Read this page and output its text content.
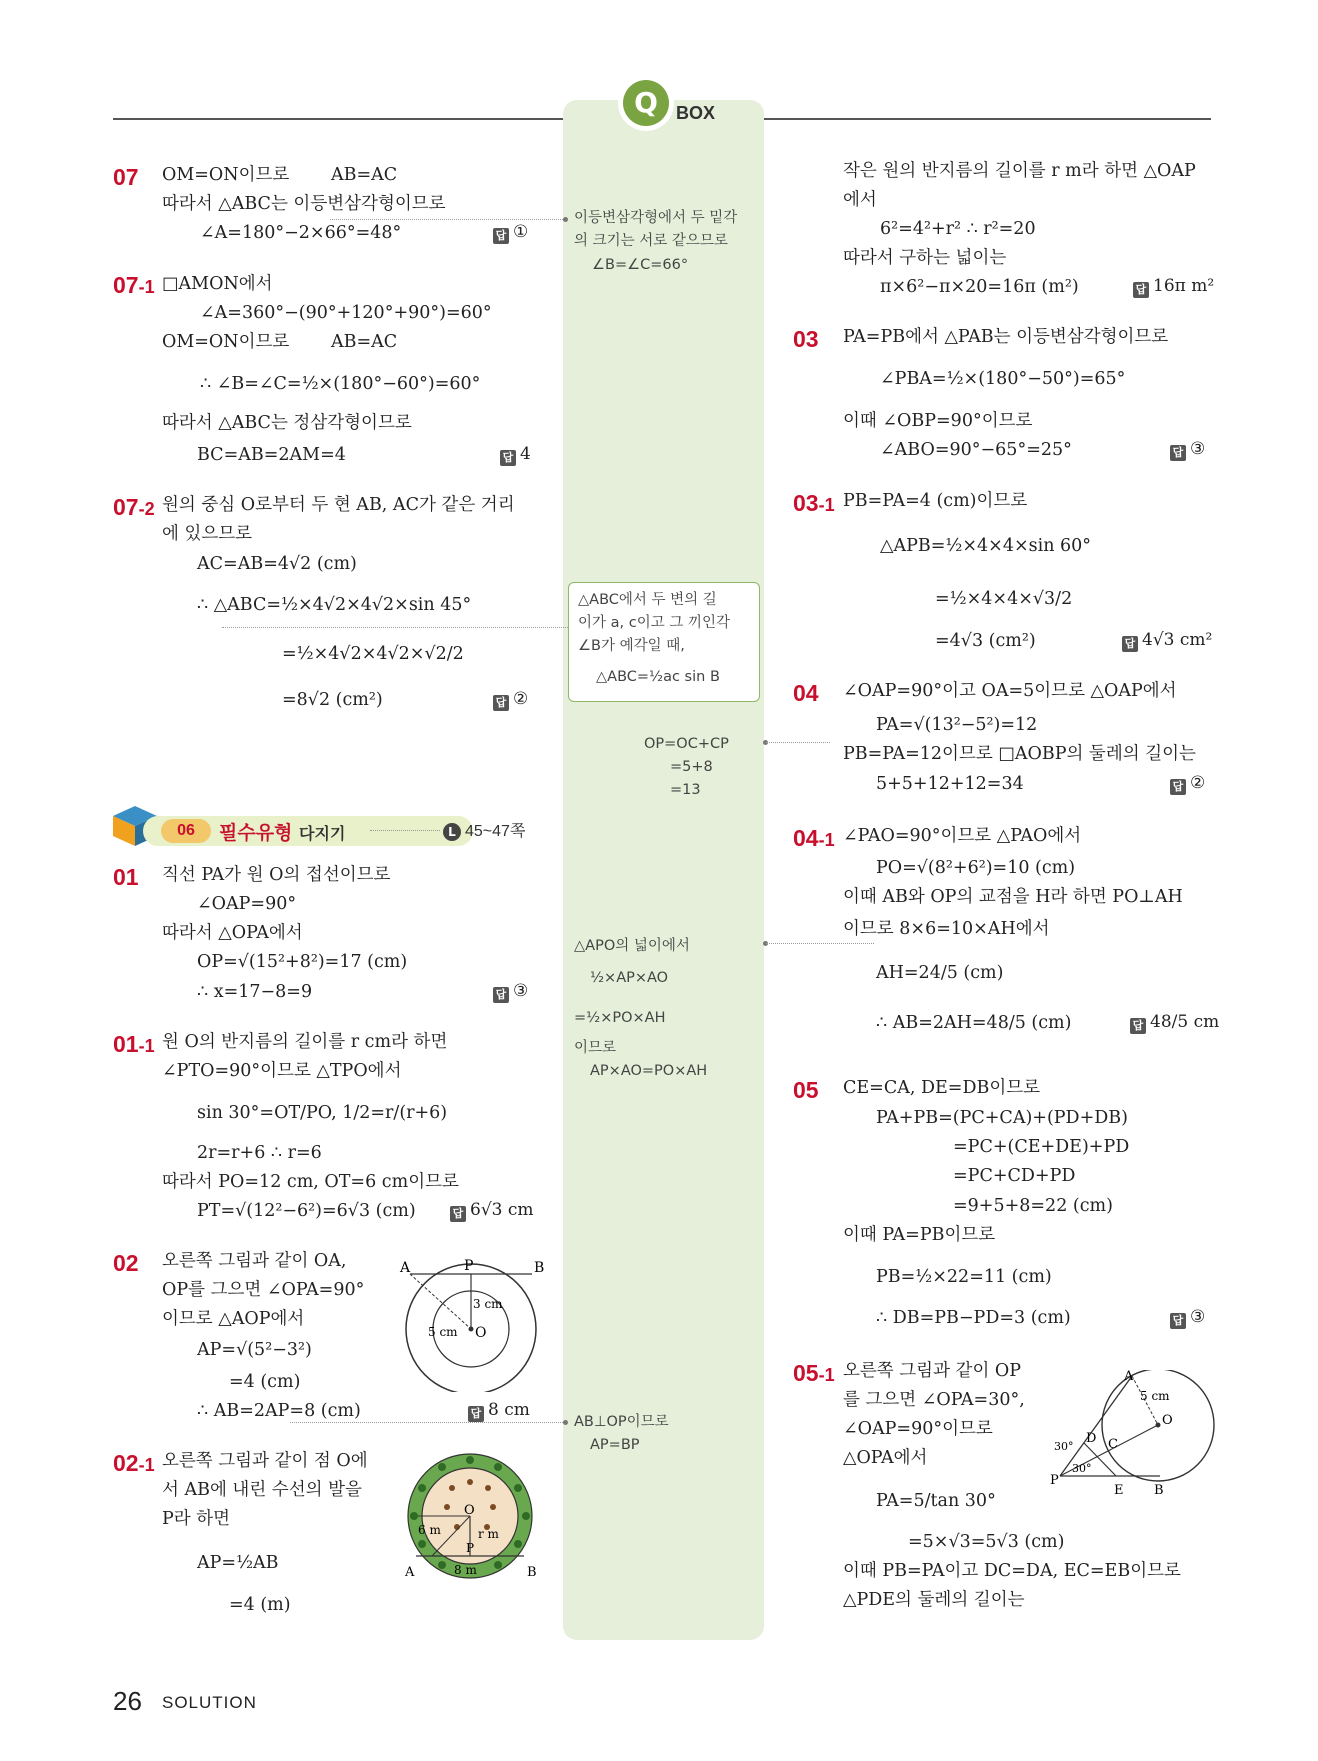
Q	BOX
07 OM=ON이므로 AB=AC
따라서 △ABC는 이등변삼각형이므로
∠A=180°−2×66°=48°	답 ①
07-1 □AMON에서
∠A=360°−(90°+120°+90°)=60°
OM=ON이므로 AB=AC
∴ ∠B=∠C=½×(180°−60°)=60°
따라서 △ABC는 정삼각형이므로
BC=AB=2AM=4	답 4
07-2 원의 중심 O로부터 두 현 AB, AC가 같은 거리
에 있으므로
AC=AB=4√2 (cm)
∴ △ABC=½×4√2×4√2×sin 45°
=½×4√2×4√2×√2/2
=8√2 (cm²)	답 ②
06	필수유형 다지기	L 45~47쪽
01 직선 PA가 원 O의 접선이므로
∠OAP=90°
따라서 △OPA에서
OP=√(15²+8²)=17 (cm)
∴ x=17−8=9	답 ③
01-1 원 O의 반지름의 길이를 r cm라 하면
∠PTO=90°이므로 △TPO에서
sin 30°=OT/PO, 1/2=r/(r+6)
2r=r+6 ∴ r=6
따라서 PO=12 cm, OT=6 cm이므로
PT=√(12²−6²)=6√3 (cm)	답 6√3 cm
02 오른쪽 그림과 같이 OA,
OP를 그으면 ∠OPA=90°
이므로 △AOP에서
AP=√(5²−3²)
=4 (cm)
∴ AB=2AP=8 (cm)	답 8 cm
A	P	B
O
3 cm
5 cm
02-1 오른쪽 그림과 같이 점 O에
서 AB에 내린 수선의 발을
P라 하면
AP=½AB
=4 (m)
O
r m
6 m
8 m
A
P
B
이등변삼각형에서 두 밑각
의 크기는 서로 같으므로
∠B=∠C=66°
△ABC에서 두 변의 길
이가 a, c이고 그 끼인각
∠B가 예각일 때,
△ABC=½ac sin B
OP=OC+CP
=5+8
=13
△APO의 넓이에서
½×AP×AO
=½×PO×AH
이므로
AP×AO=PO×AH
AB⊥OP이므로
AP=BP
작은 원의 반지름의 길이를 r m라 하면 △OAP
에서
6²=4²+r² ∴ r²=20
따라서 구하는 넓이는
π×6²−π×20=16π (m²)	답 16π m²
03 PA=PB에서 △PAB는 이등변삼각형이므로
∠PBA=½×(180°−50°)=65°
이때 ∠OBP=90°이므로
∠ABO=90°−65°=25°	답 ③
03-1 PB=PA=4 (cm)이므로
△APB=½×4×4×sin 60°
=½×4×4×√3/2
=4√3 (cm²)	답 4√3 cm²
04 ∠OAP=90°이고 OA=5이므로 △OAP에서
PA=√(13²−5²)=12
PB=PA=12이므로 □AOBP의 둘레의 길이는
5+5+12+12=34	답 ②
04-1 ∠PAO=90°이므로 △PAO에서
PO=√(8²+6²)=10 (cm)
이때 AB와 OP의 교점을 H라 하면 PO⊥AH
이므로 8×6=10×AH에서
AH=24/5 (cm)
∴ AB=2AH=48/5 (cm)	답 48/5 cm
05 CE=CA, DE=DB이므로
PA+PB=(PC+CA)+(PD+DB)
=PC+(CE+DE)+PD
=PC+CD+PD
=9+5+8=22 (cm)
이때 PA=PB이므로
PB=½×22=11 (cm)
∴ DB=PB−PD=3 (cm)	답 ③
05-1 오른쪽 그림과 같이 OP
를 그으면 ∠OPA=30°,
∠OAP=90°이므로
△OPA에서
PA=5/tan 30°
=5×√3=5√3 (cm)
이때 PB=PA이고 DC=DA, EC=EB이므로
△PDE의 둘레의 길이는
A
D C
O
P
E B
5 cm
30°
30°
26 SOLUTION
